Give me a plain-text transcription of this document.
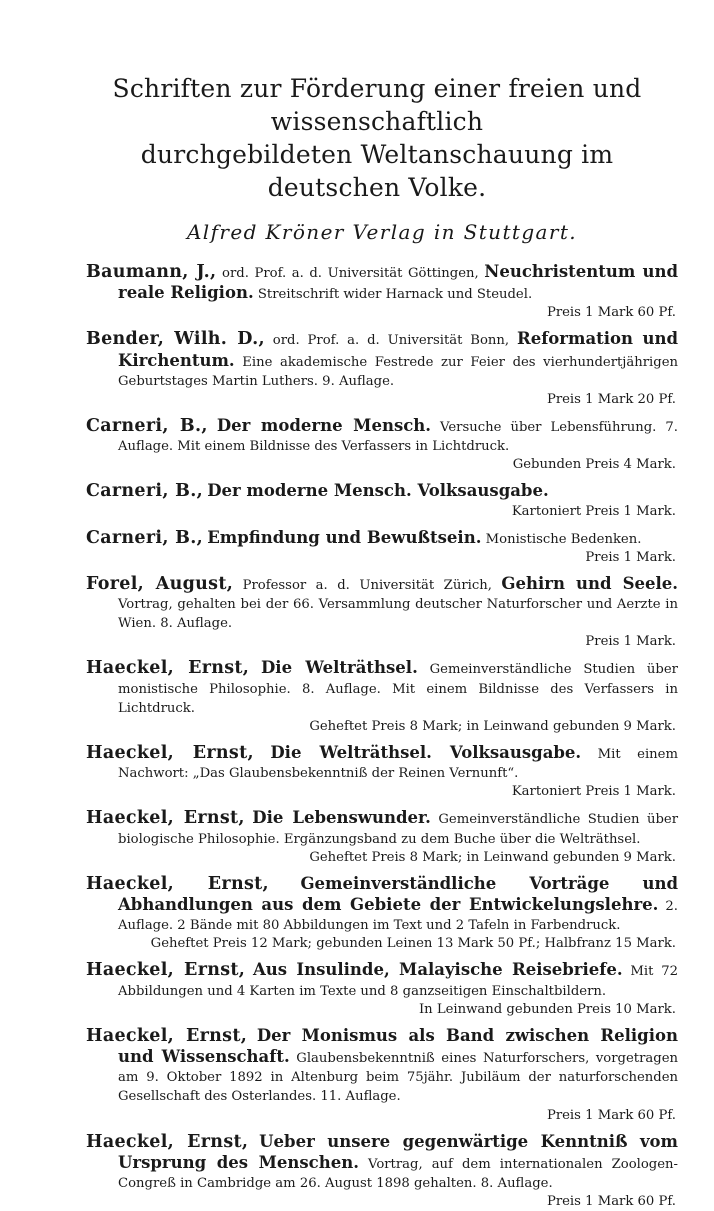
Schriften zur Förderung einer freien und wissenschaftlich
durchgebildeten Weltanschauung im deutschen Volke.
Alfred Kröner Verlag in Stuttgart.
Baumann, J., ord. Prof. a. d. Universität Göttingen, Neuchristentum und reale Religion. Streitschrift wider Harnack und Steudel.
Preis 1 Mark 60 Pf.
Bender, Wilh. D., ord. Prof. a. d. Universität Bonn, Reformation und Kirchentum. Eine akademische Festrede zur Feier des vierhundertjährigen Geburtstages Martin Luthers. 9. Auflage.
Preis 1 Mark 20 Pf.
Carneri, B., Der moderne Mensch. Versuche über Lebensführung. 7. Auflage. Mit einem Bildnisse des Verfassers in Lichtdruck.
Gebunden Preis 4 Mark.
Carneri, B., Der moderne Mensch. Volksausgabe.
Kartoniert Preis 1 Mark.
Carneri, B., Empfindung und Bewußtsein. Monistische Bedenken.
Preis 1 Mark.
Forel, August, Professor a. d. Universität Zürich, Gehirn und Seele. Vortrag, gehalten bei der 66. Versammlung deutscher Naturforscher und Aerzte in Wien. 8. Auflage.
Preis 1 Mark.
Haeckel, Ernst, Die Welträthsel. Gemeinverständliche Studien über monistische Philosophie. 8. Auflage. Mit einem Bildnisse des Verfassers in Lichtdruck.
Geheftet Preis 8 Mark; in Leinwand gebunden 9 Mark.
Haeckel, Ernst, Die Welträthsel. Volksausgabe. Mit einem Nachwort: „Das Glaubensbekenntniß der Reinen Vernunft“.
Kartoniert Preis 1 Mark.
Haeckel, Ernst, Die Lebenswunder. Gemeinverständliche Studien über biologische Philosophie. Ergänzungsband zu dem Buche über die Welträthsel.
Geheftet Preis 8 Mark; in Leinwand gebunden 9 Mark.
Haeckel, Ernst, Gemeinverständliche Vorträge und Abhandlungen aus dem Gebiete der Entwickelungslehre. 2. Auflage. 2 Bände mit 80 Abbildungen im Text und 2 Tafeln in Farbendruck.
Geheftet Preis 12 Mark; gebunden Leinen 13 Mark 50 Pf.; Halbfranz 15 Mark.
Haeckel, Ernst, Aus Insulinde, Malayische Reisebriefe. Mit 72 Abbildungen und 4 Karten im Texte und 8 ganzseitigen Einschaltbildern.
In Leinwand gebunden Preis 10 Mark.
Haeckel, Ernst, Der Monismus als Band zwischen Religion und Wissenschaft. Glaubensbekenntniß eines Naturforschers, vorgetragen am 9. Oktober 1892 in Altenburg beim 75jähr. Jubiläum der naturforschenden Gesellschaft des Osterlandes. 11. Auflage.
Preis 1 Mark 60 Pf.
Haeckel, Ernst, Ueber unsere gegenwärtige Kenntniß vom Ursprung des Menschen. Vortrag, auf dem internationalen Zoologen-Congreß in Cambridge am 26. August 1898 gehalten. 8. Auflage.
Preis 1 Mark 60 Pf.
